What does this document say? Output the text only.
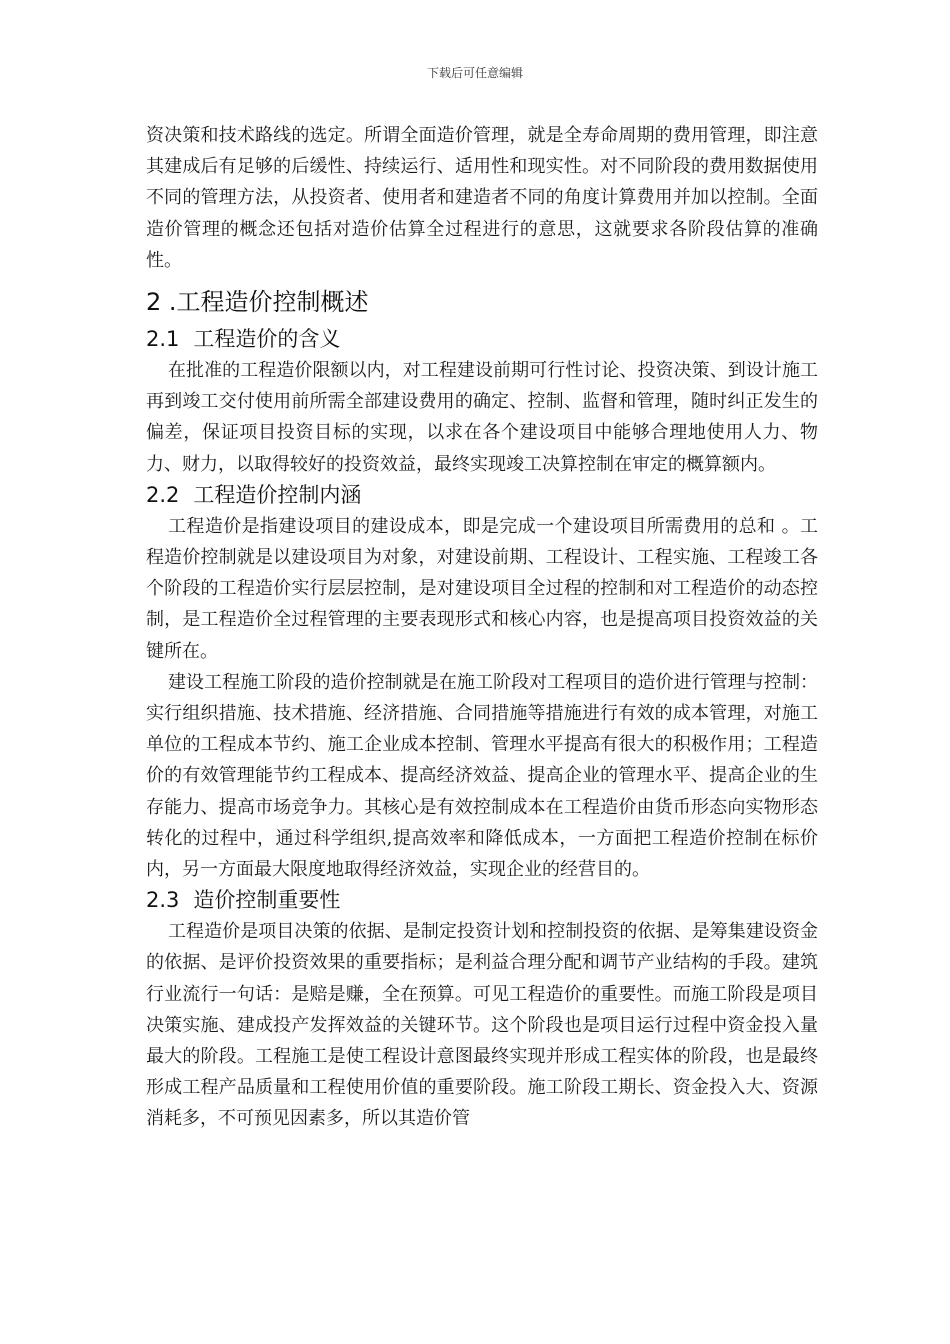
下载后可任意编辑

资决策和技术路线的选定。所谓全面造价管理，就是全寿命周期的费用管理，即注意其建成后有足够的后缓性、持续运行、适用性和现实性。对不同阶段的费用数据使用不同的管理方法，从投资者、使用者和建造者不同的角度计算费用并加以控制。全面造价管理的概念还包括对造价估算全过程进行的意思，这就要求各阶段估算的准确性。

2 .工程造价控制概述
2.1 工程造价的含义

在批准的工程造价限额以内，对工程建设前期可行性讨论、投资决策、到设计施工再到竣工交付使用前所需全部建设费用的确定、控制、监督和管理，随时纠正发生的偏差，保证项目投资目标的实现，以求在各个建设项目中能够合理地使用人力、物力、财力，以取得较好的投资效益，最终实现竣工决算控制在审定的概算额内。

2.2 工程造价控制内涵

工程造价是指建设项目的建设成本，即是完成一个建设项目所需费用的总和 。工程造价控制就是以建设项目为对象，对建设前期、工程设计、工程实施、工程竣工各个阶段的工程造价实行层层控制，是对建设项目全过程的控制和对工程造价的动态控制，是工程造价全过程管理的主要表现形式和核心内容，也是提高项目投资效益的关键所在。

建设工程施工阶段的造价控制就是在施工阶段对工程项目的造价进行管理与控制：实行组织措施、技术措施、经济措施、合同措施等措施进行有效的成本管理，对施工单位的工程成本节约、施工企业成本控制、管理水平提高有很大的积极作用；工程造价的有效管理能节约工程成本、提高经济效益、提高企业的管理水平、提高企业的生存能力、提高市场竞争力。其核心是有效控制成本在工程造价由货币形态向实物形态转化的过程中，通过科学组织,提高效率和降低成本，一方面把工程造价控制在标价内，另一方面最大限度地取得经济效益，实现企业的经营目的。

2.3 造价控制重要性

工程造价是项目决策的依据、是制定投资计划和控制投资的依据、是筹集建设资金的依据、是评价投资效果的重要指标；是利益合理分配和调节产业结构的手段。建筑行业流行一句话：是赔是赚，全在预算。可见工程造价的重要性。而施工阶段是项目决策实施、建成投产发挥效益的关键环节。这个阶段也是项目运行过程中资金投入量最大的阶段。工程施工是使工程设计意图最终实现并形成工程实体的阶段，也是最终形成工程产品质量和工程使用价值的重要阶段。施工阶段工期长、资金投入大、资源消耗多，不可预见因素多，所以其造价管
